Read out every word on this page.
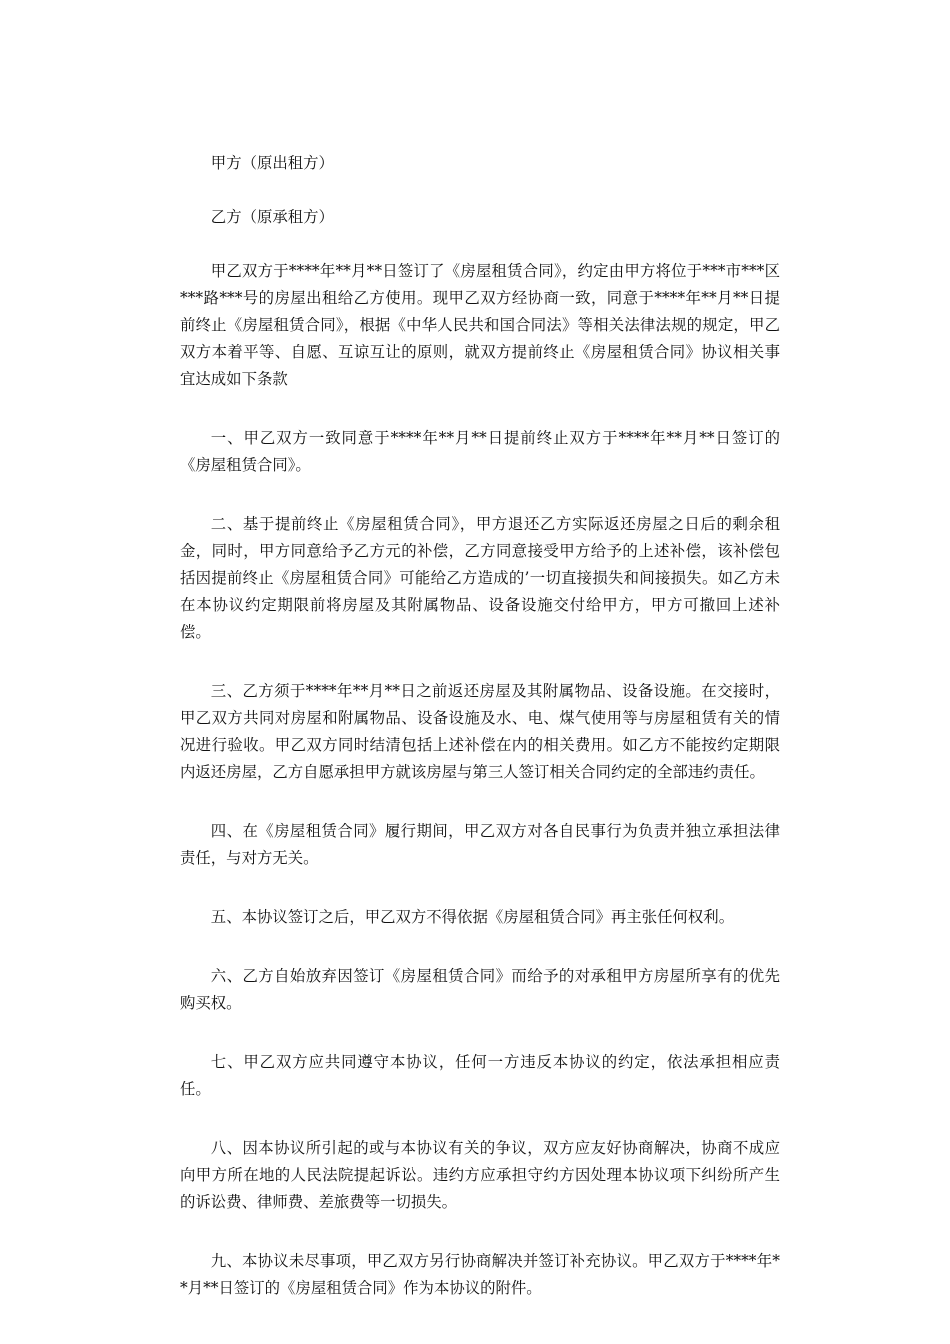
甲方（原出租方）

乙方（原承租方）

甲乙双方于****年**月**日签订了《房屋租赁合同》，约定由甲方将位于***市***区***路***号的房屋出租给乙方使用。现甲乙双方经协商一致，同意于****年**月**日提前终止《房屋租赁合同》，根据《中华人民共和国合同法》等相关法律法规的规定，甲乙双方本着平等、自愿、互谅互让的原则，就双方提前终止《房屋租赁合同》协议相关事宜达成如下条款

一、甲乙双方一致同意于****年**月**日提前终止双方于****年**月**日签订的《房屋租赁合同》。

二、基于提前终止《房屋租赁合同》，甲方退还乙方实际返还房屋之日后的剩余租金，同时，甲方同意给予乙方元的补偿，乙方同意接受甲方给予的上述补偿，该补偿包括因提前终止《房屋租赁合同》可能给乙方造成的’一切直接损失和间接损失。如乙方未在本协议约定期限前将房屋及其附属物品、设备设施交付给甲方，甲方可撤回上述补偿。

三、乙方须于****年**月**日之前返还房屋及其附属物品、设备设施。在交接时，甲乙双方共同对房屋和附属物品、设备设施及水、电、煤气使用等与房屋租赁有关的情况进行验收。甲乙双方同时结清包括上述补偿在内的相关费用。如乙方不能按约定期限内返还房屋，乙方自愿承担甲方就该房屋与第三人签订相关合同约定的全部违约责任。

四、在《房屋租赁合同》履行期间，甲乙双方对各自民事行为负责并独立承担法律责任，与对方无关。

五、本协议签订之后，甲乙双方不得依据《房屋租赁合同》再主张任何权利。

六、乙方自始放弃因签订《房屋租赁合同》而给予的对承租甲方房屋所享有的优先购买权。

七、甲乙双方应共同遵守本协议，任何一方违反本协议的约定，依法承担相应责任。

八、因本协议所引起的或与本协议有关的争议，双方应友好协商解决，协商不成应向甲方所在地的人民法院提起诉讼。违约方应承担守约方因处理本协议项下纠纷所产生的诉讼费、律师费、差旅费等一切损失。

九、本协议未尽事项，甲乙双方另行协商解决并签订补充协议。甲乙双方于****年**月**日签订的《房屋租赁合同》作为本协议的附件。
